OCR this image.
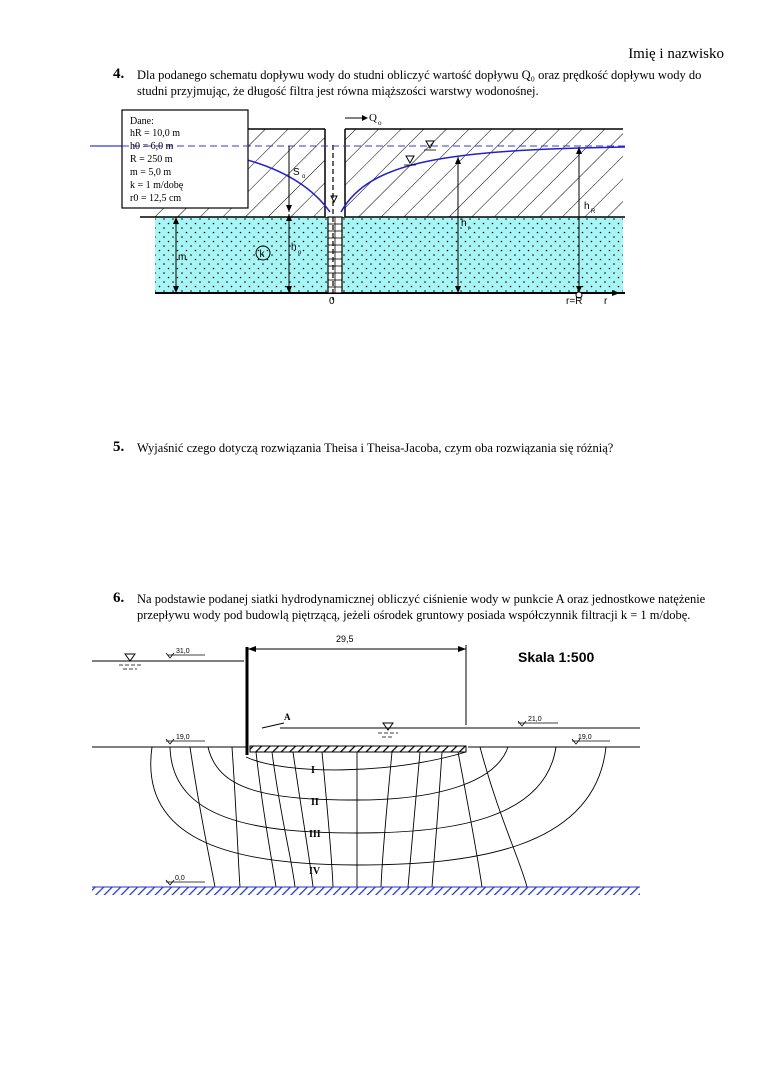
Imię i nazwisko
4. Dla podanego schematu dopływu wody do studni obliczyć wartość dopływu Q₀ oraz prędkość dopływu wody do
studni przyjmując, że długość filtra jest równa miąższości warstwy wodonośnej.
Q o
S o
h o
m	k
h r
h R
0	r=R r
Dane:
hR = 10,0 m
h0 = 6,0 m
R = 250 m
m = 5,0 m
k = 1 m/dobę
r0 = 12,5 cm
5. Wyjaśnić czego dotyczą rozwiązania Theisa i Theisa-Jacoba, czym oba rozwiązania się różnią?
6. Na podstawie podanej siatki hydrodynamicznej obliczyć ciśnienie wody w punkcie A oraz jednostkowe natężenie
przepływu wody pod budowlą piętrzącą, jeżeli ośrodek gruntowy posiada współczynnik filtracji k = 1 m/dobę.
Skala 1:500
29,5
31,0
19,0	19,0
21,0
A
I
II
III
IV
0,0
